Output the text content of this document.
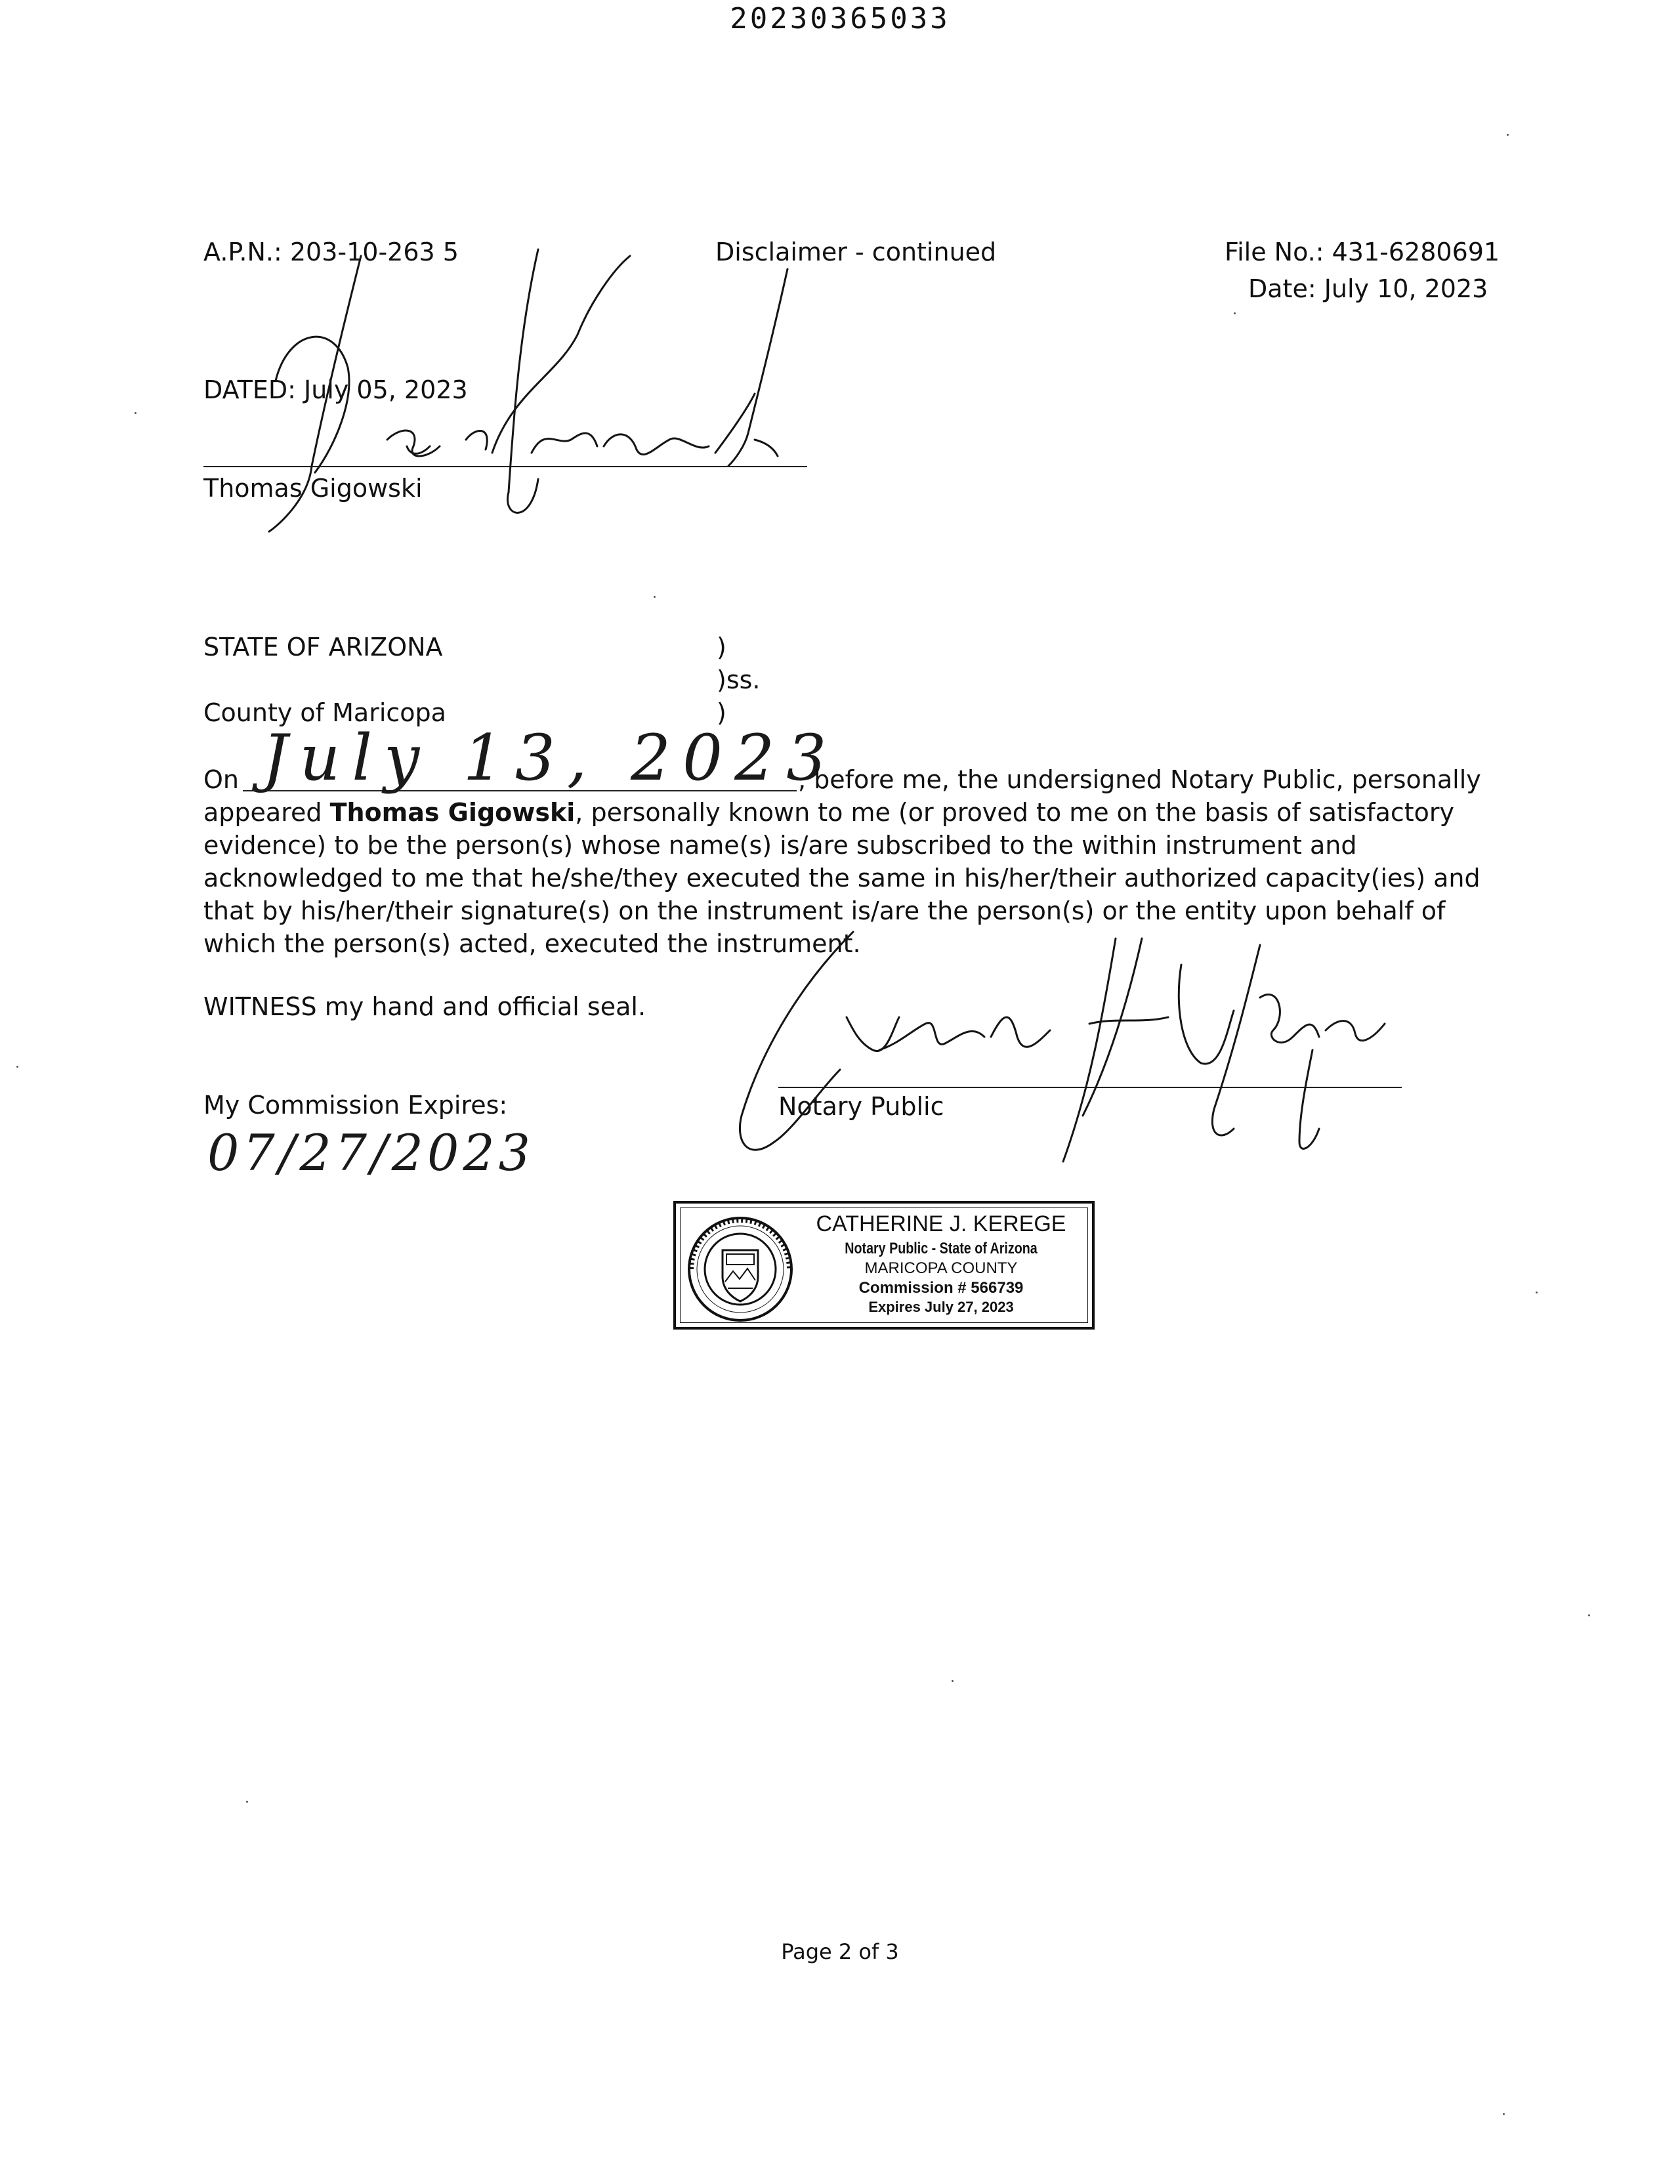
20230365033
A.P.N.: 203-10-263 5	Disclaimer - continued	File No.: 431-6280691
Date: July 10, 2023
DATED: July 05, 2023
Thomas Gigowski
STATE OF ARIZONA	)
)ss.
County of Maricopa	)
On July 13, 2023
, before me, the undersigned Notary Public, personally
appeared Thomas Gigowski, personally known to me (or proved to me on the basis of satisfactory
evidence) to be the person(s) whose name(s) is/are subscribed to the within instrument and
acknowledged to me that he/she/they executed the same in his/her/their authorized capacity(ies) and
that by his/her/their signature(s) on the instrument is/are the person(s) or the entity upon behalf of
which the person(s) acted, executed the instrument.
WITNESS my hand and official seal.
My Commission Expires:
07/27/2023
Notary Public
CATHERINE J. KEREGE
Notary Public - State of Arizona
MARICOPA COUNTY
Commission # 566739
Expires July 27, 2023
Page 2 of 3
